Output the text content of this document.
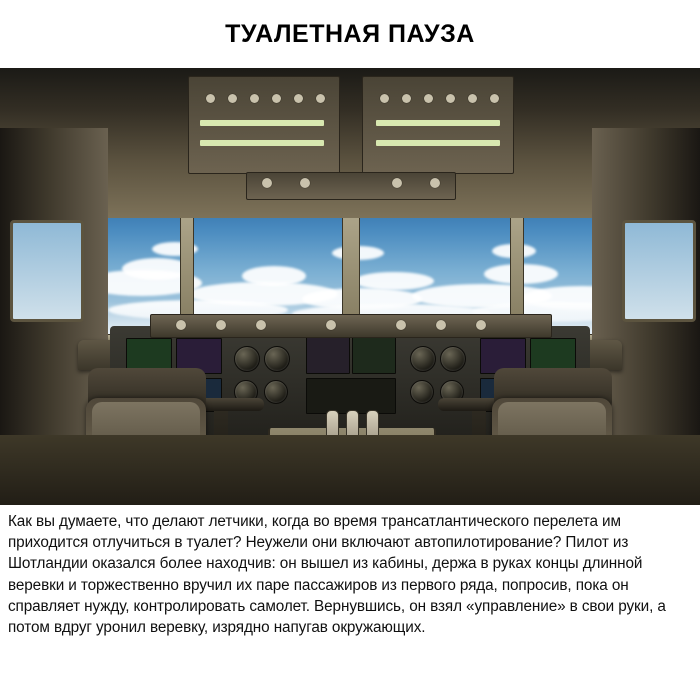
ТУАЛЕТНАЯ ПАУЗА
Как вы думаете, что делают летчики, когда во время трансатлантического перелета им приходится отлучиться в туалет? Неужели они включают автопилотирование? Пилот из Шотландии оказался более находчив: он вышел из кабины, держа в руках концы длинной веревки и торжественно вручил их паре пассажиров из первого ряда, попросив, пока он справляет нужду, контролировать самолет. Вернувшись, он взял «управление» в свои руки, а потом вдруг уронил веревку, изрядно напугав окружающих.
